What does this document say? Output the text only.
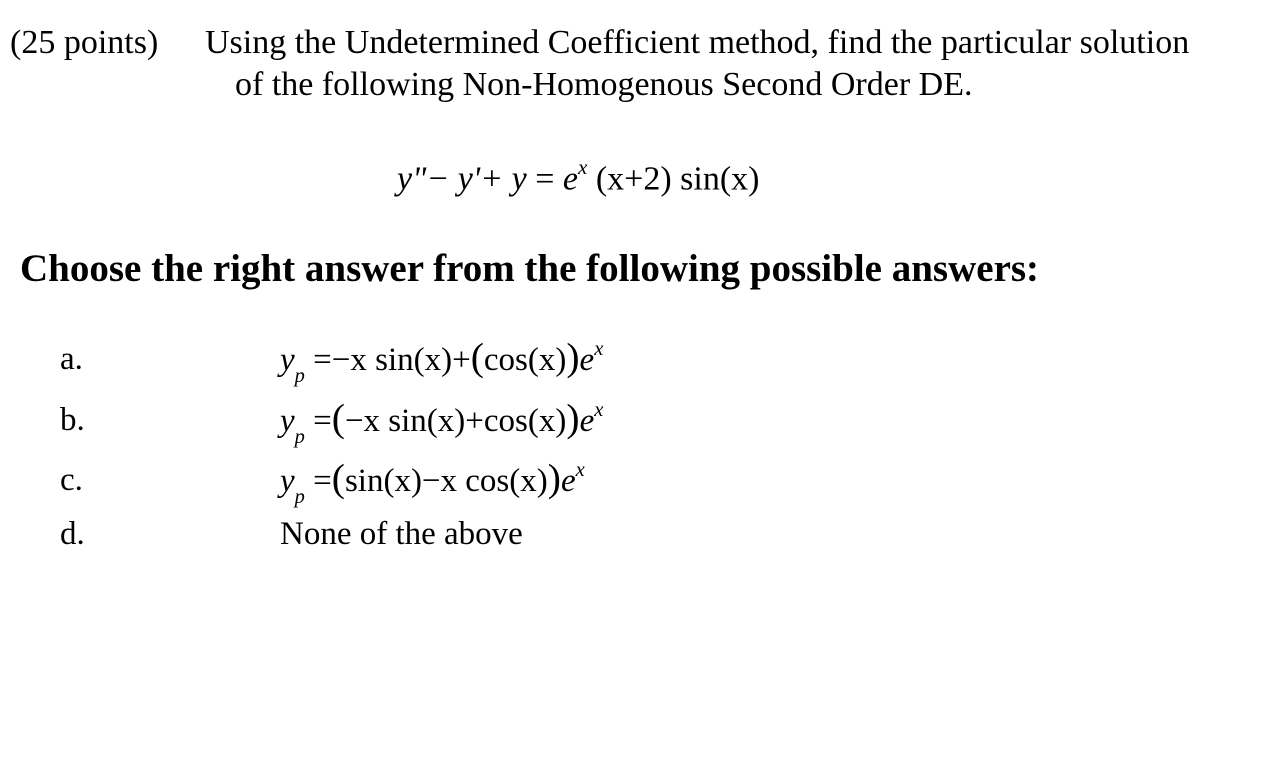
(25 points) Using the Undetermined Coefficient method, find the particular solution
of the following Non-Homogenous Second Order DE.
y"− $y'+ y = e^x$ (x+2) sin(x)
Choose the right answer from the following possible answers:
a.	$y_p =-x$ $\sin(x)+(\cos(x))e^x$
b.	$y_p =(-x$ $\sin(x)+\cos(x))e^x$
c.	$y_p =(\sin(x)-x$ $\cos(x))e^x$
d.	None of the above
